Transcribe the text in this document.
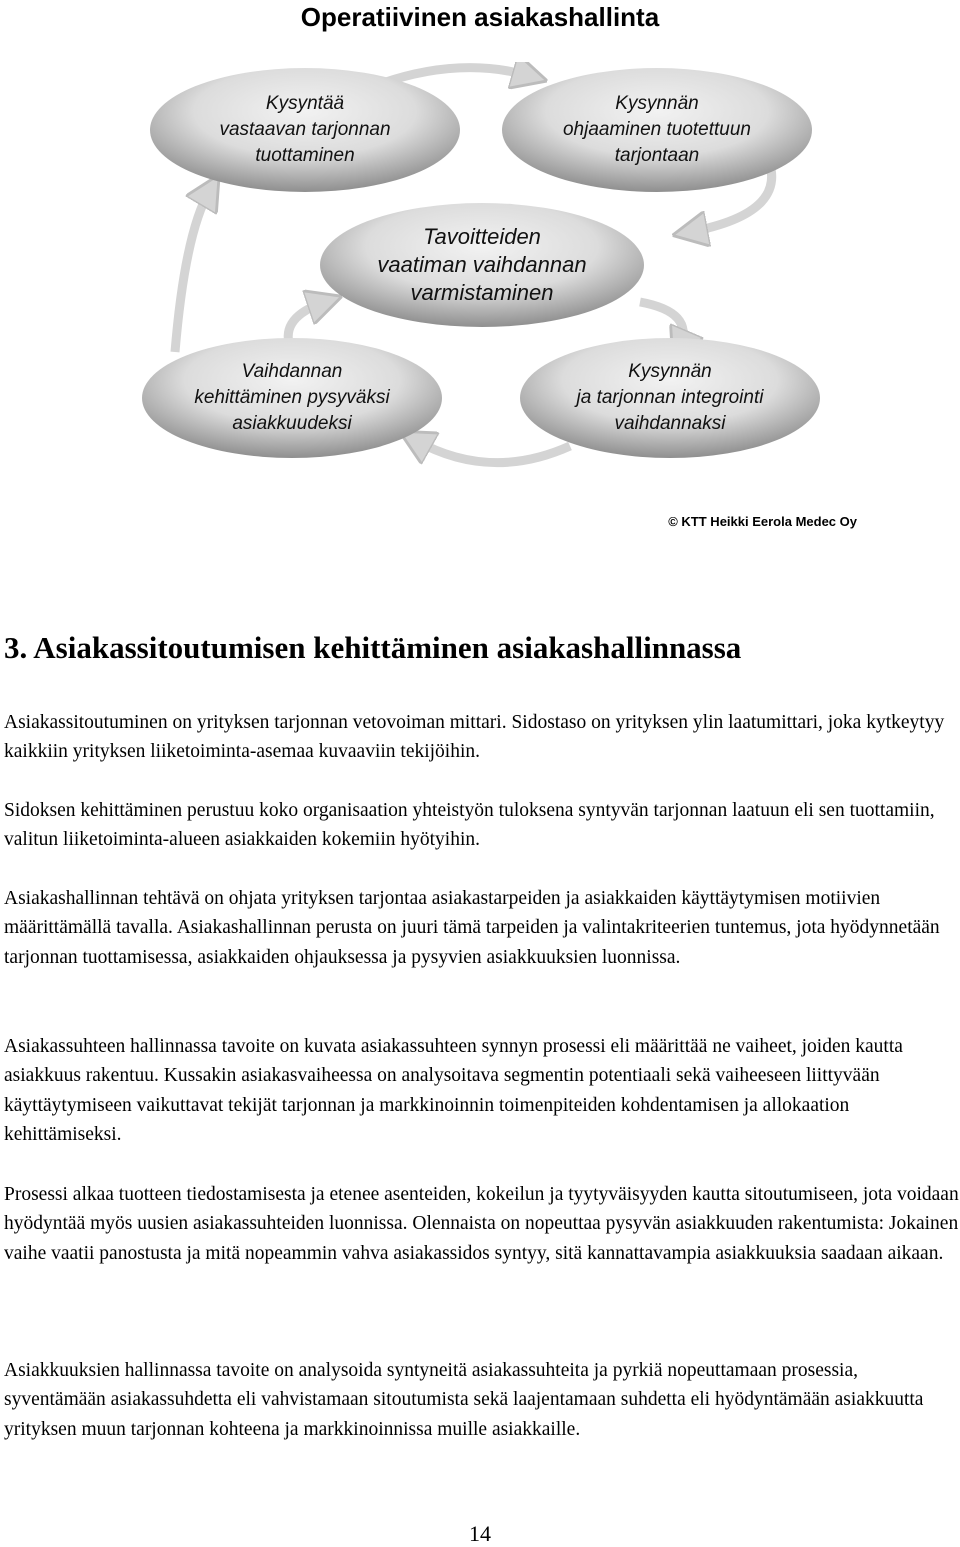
Operatiivinen asiakashallinta
Kysyntää
vastaavan tarjonnan
tuottaminen
Kysynnän
ohjaaminen tuotettuun
tarjontaan
Tavoitteiden
vaatiman vaihdannan
varmistaminen
Vaihdannan
kehittäminen pysyväksi
asiakkuudeksi
Kysynnän
ja tarjonnan integrointi
vaihdannaksi
© KTT Heikki Eerola Medec Oy
3. Asiakassitoutumisen kehittäminen asiakashallinnassa

Asiakassitoutuminen on yrityksen tarjonnan vetovoiman mittari. Sidostaso on yrityksen ylin laatumittari, joka kytkeytyy kaikkiin yrityksen liiketoiminta-asemaa kuvaaviin tekijöihin.

Sidoksen kehittäminen perustuu koko organisaation yhteistyön tuloksena syntyvän tarjonnan laatuun eli sen tuottamiin, valitun liiketoiminta-alueen asiakkaiden kokemiin hyötyihin.

Asiakashallinnan tehtävä on ohjata yrityksen tarjontaa asiakastarpeiden ja asiakkaiden käyttäytymisen motiivien määrittämällä tavalla. Asiakashallinnan perusta on juuri tämä tarpeiden ja valintakriteerien tuntemus, jota hyödynnetään tarjonnan tuottamisessa, asiakkaiden ohjauksessa ja pysyvien asiakkuuksien luonnissa.

Asiakassuhteen hallinnassa tavoite on kuvata asiakassuhteen synnyn prosessi eli määrittää ne vaiheet, joiden kautta asiakkuus rakentuu. Kussakin asiakasvaiheessa on analysoitava segmentin potentiaali sekä vaiheeseen liittyvään käyttäytymiseen vaikuttavat tekijät tarjonnan ja markkinoinnin toimenpiteiden kohdentamisen ja allokaation kehittämiseksi.

Prosessi alkaa tuotteen tiedostamisesta ja etenee asenteiden, kokeilun ja tyytyväisyyden kautta sitoutumiseen, jota voidaan hyödyntää myös uusien asiakassuhteiden luonnissa. Olennaista on nopeuttaa pysyvän asiakkuuden rakentumista: Jokainen vaihe vaatii panostusta ja mitä nopeammin vahva asiakassidos syntyy, sitä kannattavampia asiakkuuksia saadaan aikaan.

Asiakkuuksien hallinnassa tavoite on analysoida syntyneitä asiakassuhteita ja pyrkiä nopeuttamaan prosessia, syventämään asiakassuhdetta eli vahvistamaan sitoutumista sekä laajentamaan suhdetta eli hyödyntämään asiakkuutta yrityksen muun tarjonnan kohteena ja markkinoinnissa muille asiakkaille.

14
